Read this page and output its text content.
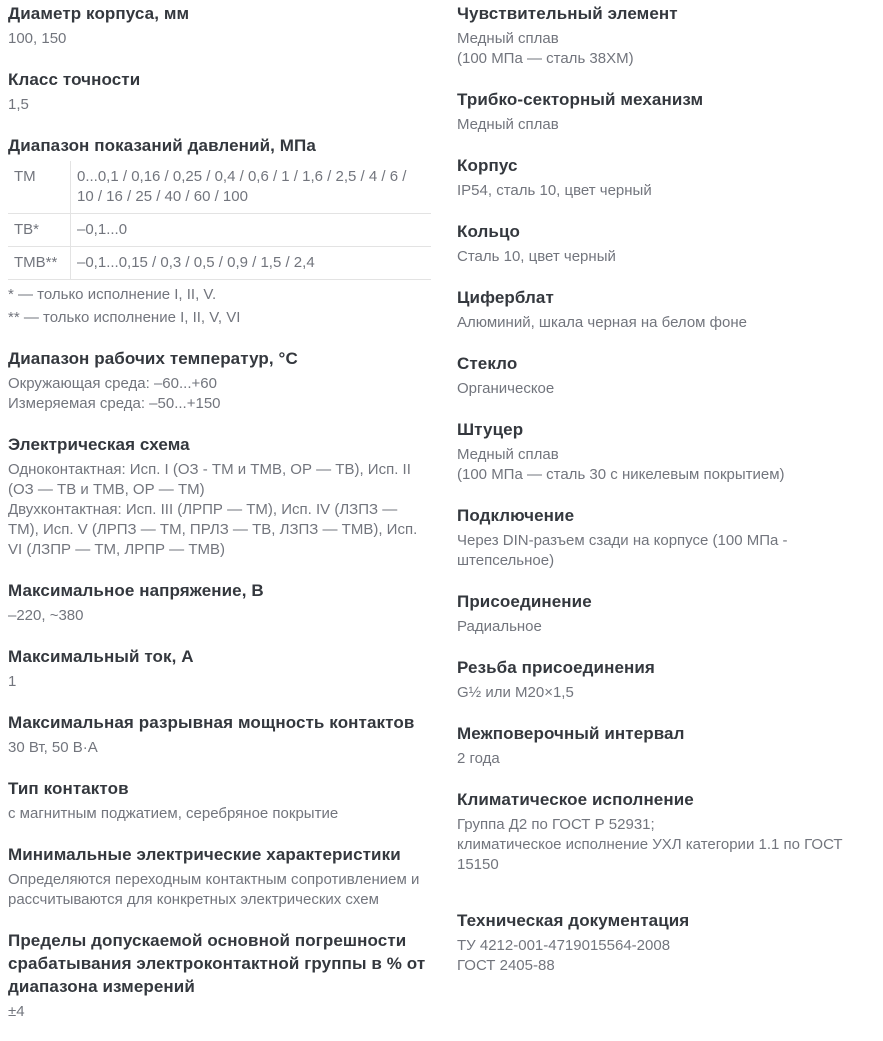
Диаметр корпуса, мм

100, 150

Класс точности

1,5

Диапазон показаний давлений, МПа
ТМ	0...0,1 / 0,16 / 0,25 / 0,4 / 0,6 / 1 / 1,6 / 2,5 / 4 / 6 / 10 / 16 / 25 / 40 / 60 / 100
ТВ*	–0,1...0
ТМВ**	–0,1...0,15 / 0,3 / 0,5 / 0,9 / 1,5 / 2,4

* — только исполнение I, II, V.

** — только исполнение I, II, V, VI

Диапазон рабочих температур, °С

Окружающая среда: –60...+60

Измеряемая среда: –50...+150

Электрическая схема

Одноконтактная: Исп. I (ОЗ - ТМ и ТМВ, ОР — ТВ), Исп. II (ОЗ — ТВ и ТМВ, ОР — ТМ)

Двухконтактная: Исп. III (ЛРПР — ТМ), Исп. IV (ЛЗПЗ — ТМ), Исп. V (ЛРПЗ — ТМ, ПРЛЗ — ТВ, ЛЗПЗ — ТМВ), Исп. VI (ЛЗПР — ТМ, ЛРПР — ТМВ)

Максимальное напряжение, В

–220, ~380

Максимальный ток, А

1

Максимальная разрывная мощность контактов

30 Вт, 50 В·А

Тип контактов

с магнитным поджатием, серебряное покрытие

Минимальные электрические характеристики

Определяются переходным контактным сопротивлением и рассчитываются для конкретных электрических схем

Пределы допускаемой основной погрешности срабатывания электроконтактной группы в % от диапазона измерений

±4

Чувствительный элемент

Медный сплав

(100 МПа — сталь 38ХМ)

Трибко-секторный механизм

Медный сплав

Корпус

IP54, сталь 10, цвет черный

Кольцо

Сталь 10, цвет черный

Циферблат

Алюминий, шкала черная на белом фоне

Стекло

Органическое

Штуцер

Медный сплав

(100 МПа — сталь 30 с никелевым покрытием)

Подключение

Через DIN-разъем сзади на корпусе (100 МПа - штепсельное)

Присоединение

Радиальное

Резьба присоединения

G½ или M20×1,5

Межповерочный интервал

2 года

Климатическое исполнение

Группа Д2 по ГОСТ Р 52931;

климатическое исполнение УХЛ категории 1.1 по ГОСТ 15150

Техническая документация

ТУ 4212-001-4719015564-2008

ГОСТ 2405-88
